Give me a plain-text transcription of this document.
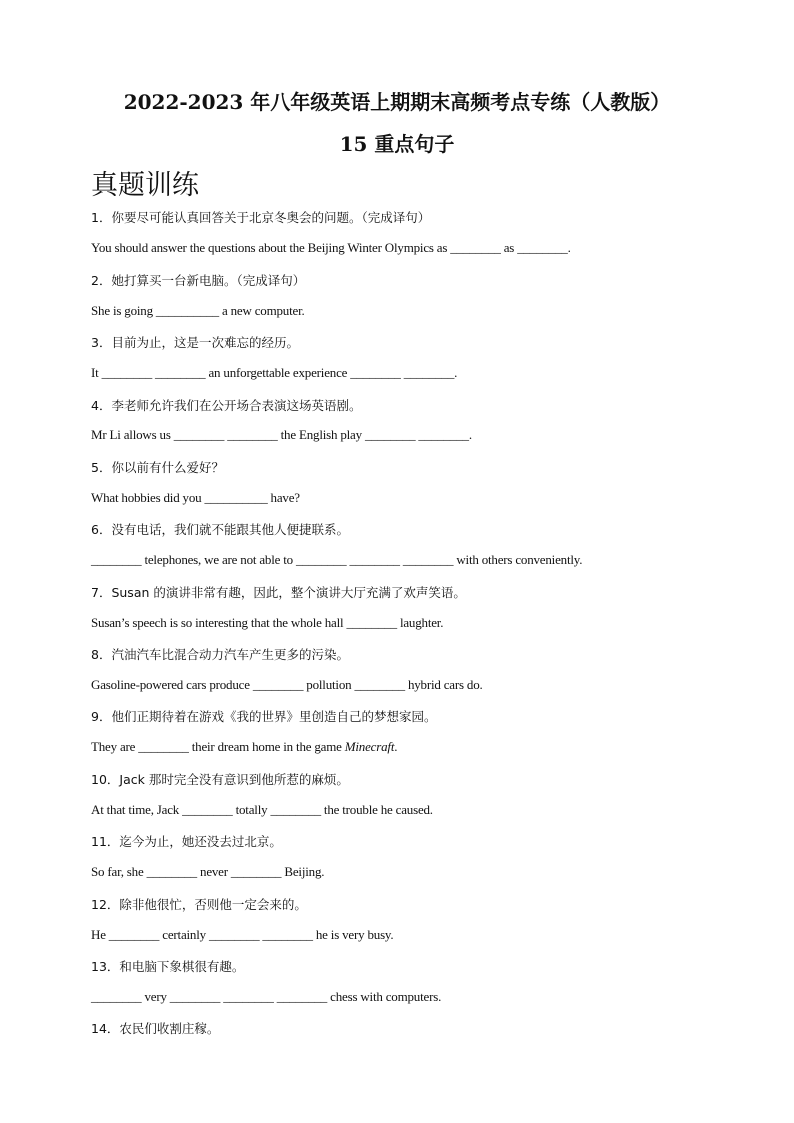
2022-2023 年八年级英语上期期末高频考点专练（人教版）
15 重点句子
真题训练
1．你要尽可能认真回答关于北京冬奥会的问题。（完成译句）
You should answer the questions about the Beijing Winter Olympics as ________ as ________.
2．她打算买一台新电脑。（完成译句）
She is going __________ a new computer.
3．目前为止，这是一次难忘的经历。
It ________ ________ an unforgettable experience ________ ________.
4．李老师允许我们在公开场合表演这场英语剧。
Mr Li allows us ________ ________ the English play ________ ________.
5．你以前有什么爱好？
What hobbies did you __________ have?
6．没有电话，我们就不能跟其他人便捷联系。
________ telephones, we are not able to ________ ________ ________ with others conveniently.
7．Susan 的演讲非常有趣，因此，整个演讲大厅充满了欢声笑语。
Susan’s speech is so interesting that the whole hall ________ laughter.
8．汽油汽车比混合动力汽车产生更多的污染。
Gasoline-powered cars produce ________ pollution ________ hybrid cars do.
9．他们正期待着在游戏《我的世界》里创造自己的梦想家园。
They are ________ their dream home in the game Minecraft.
10．Jack 那时完全没有意识到他所惹的麻烦。
At that time, Jack ________ totally ________ the trouble he caused.
11．迄今为止，她还没去过北京。
So far, she ________ never ________ Beijing.
12．除非他很忙，否则他一定会来的。
He ________ certainly ________ ________ he is very busy.
13．和电脑下象棋很有趣。
________ very ________ ________ ________ chess with computers.
14．农民们收割庄稼。
